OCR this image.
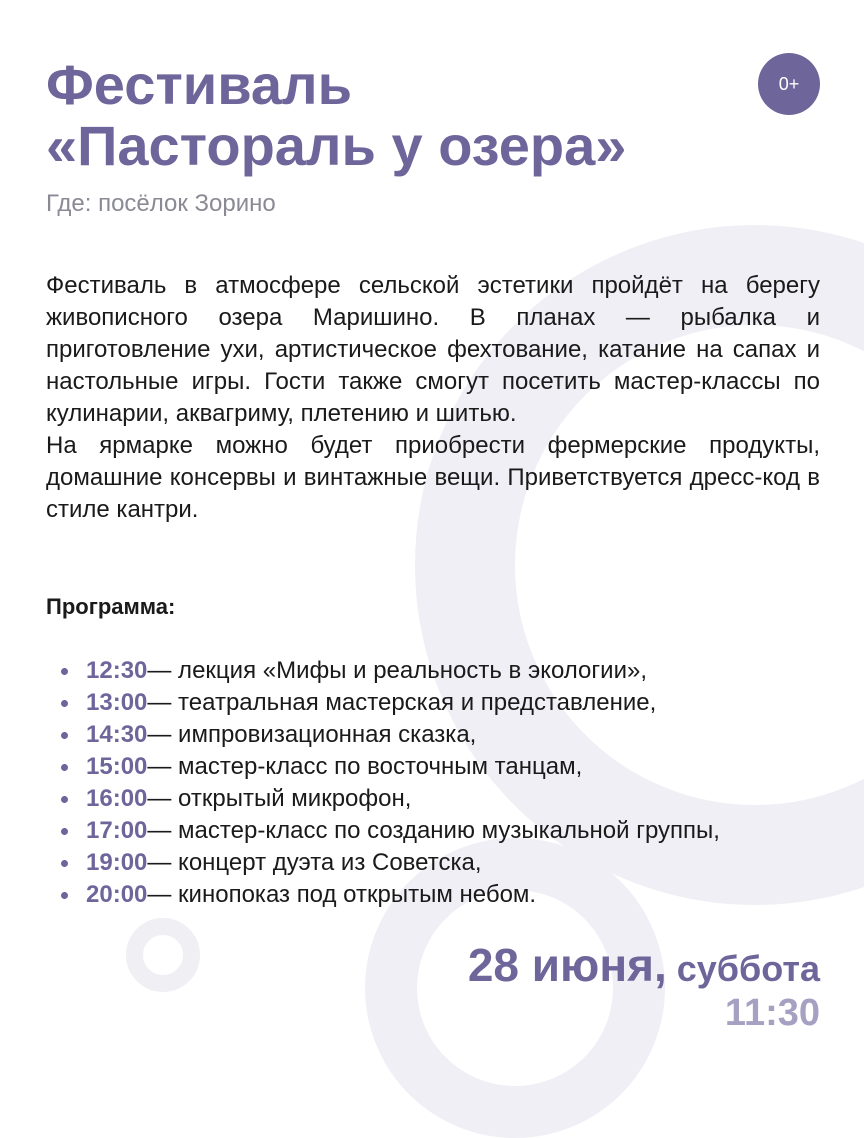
Фестиваль
«Пастораль у озера»
0+
Где: посёлок Зорино

Фестиваль в атмосфере сельской эстетики пройдёт на берегу живописного озера Маришино. В планах — рыбалка и приготовление ухи, артистическое фехтование, катание на сапах и настольные игры. Гости также смогут посетить мастер-классы по кулинарии, аквагриму, плетению и шитью.

На ярмарке можно будет приобрести фермерские продукты, домашние консервы и винтажные вещи. Приветствуется дресс-код в стиле кантри.

Программа:
12:30 — лекция «Мифы и реальность в экологии»,
13:00 — театральная мастерская и представление,
14:30 — импровизационная сказка,
15:00 — мастер-класс по восточным танцам,
16:00 — открытый микрофон,
17:00 — мастер-класс по созданию музыкальной группы,
19:00 — концерт дуэта из Советска,
20:00 — кинопоказ под открытым небом.
28 июня, суббота
11:30
